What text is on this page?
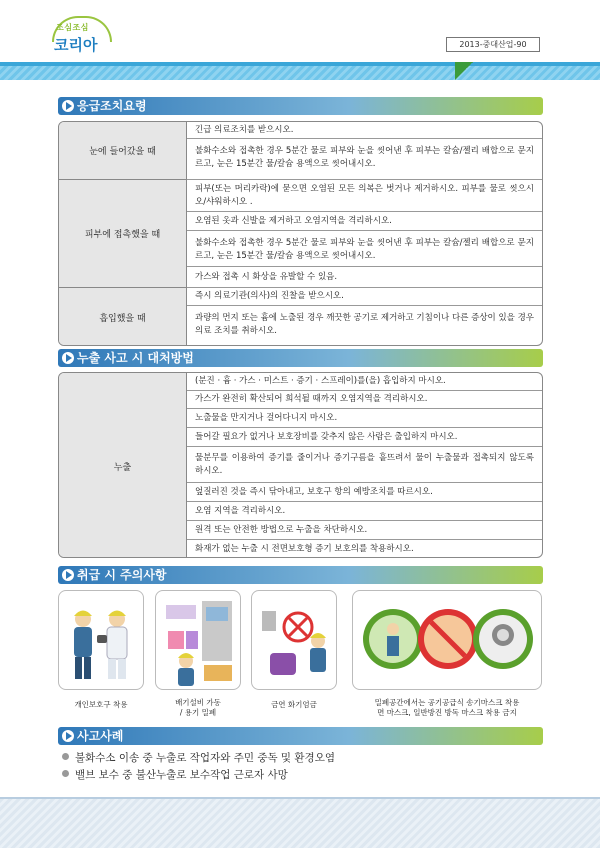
조심조심
코리아	2013-중대산업-90
응급조치요령
눈에 들어갔을 때
긴급 의료조치를 받으시오.
불화수소와 접촉한 경우 5분간 물로 피부와 눈을 씻어낸 후 피부는 칼슘/젤리 배합으로 문지르고, 눈은 15분간 물/칼슘 용액으로 씻어내시오.
피부에 접촉했을 때
피부(또는 머리카락)에 묻으면 오염된 모든 의복은 벗거나 제거하시오. 피부를 물로 씻으시오/샤워하시오 .
오염된 옷과 신발을 제거하고 오염지역을 격리하시오.
불화수소와 접촉한 경우 5분간 물로 피부와 눈을 씻어낸 후 피부는 칼슘/젤리 배합으로 문지르고, 눈은 15분간 물/칼슘 용액으로 씻어내시오.
가스와 접촉 시 화상을 유발할 수 있음.
흡입했을 때
즉시 의료기관(의사)의 진찰을 받으시오.
과량의 먼지 또는 흄에 노출된 경우 깨끗한 공기로 제거하고 기침이나 다른 증상이 있을 경우 의료 조치를 취하시오.
누출 사고 시 대처방법
누출
(분진 · 흄 · 가스 · 미스트 · 증기 · 스프레이)를(을) 흡입하지 마시오.
가스가 완전히 확산되어 희석될 때까지 오염지역을 격리하시오.
노출물을 만지거나 걸어다니지 마시오.
들어갈 필요가 없거나 보호장비를 갖추지 않은 사람은 출입하지 마시오.
물분무를 이용하여 증기를 줄이거나 증기구름을 흩뜨려서 물이 누출물과 접촉되지 않도록 하시오.
엎질러진 것을 즉시 닦아내고, 보호구 항의 예방조치를 따르시오.
오염 지역을 격리하시오.
원격 또는 안전한 방법으로 누출을 차단하시오.
화재가 없는 누출 시 전면보호형 증기 보호의를 착용하시오.
취급 시 주의사항
개인보호구 착용	배기설비 가동
/ 용기 밀폐
금연 화기엄금	밀폐공간에서는 공기공급식 송기마스크 착용
면 마스크, 일반방진 방독 마스크 착용 금지
사고사례
불화수소 이송 중 누출로 작업자와 주민 중독 및 환경오염
밸브 보수 중 불산누출로 보수작업 근로자 사망
